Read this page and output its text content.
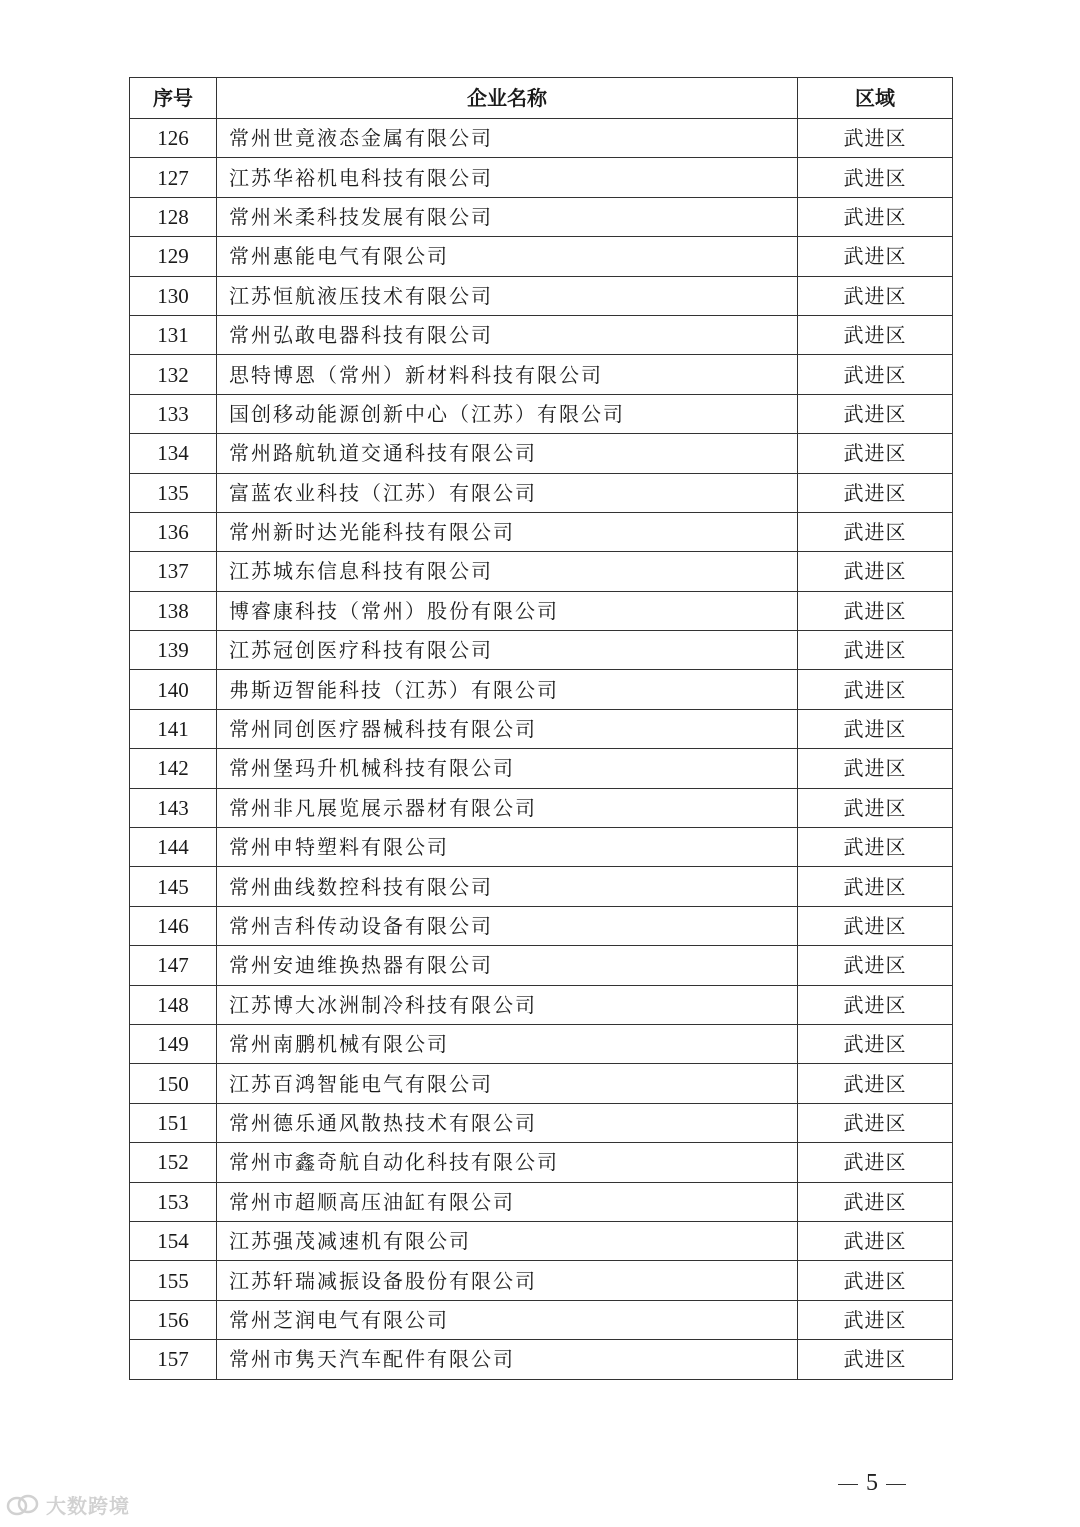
序号	企业名称	区域
126	常州世竟液态金属有限公司	武进区
127	江苏华裕机电科技有限公司	武进区
128	常州米柔科技发展有限公司	武进区
129	常州惠能电气有限公司	武进区
130	江苏恒航液压技术有限公司	武进区
131	常州弘敢电器科技有限公司	武进区
132	思特博恩（常州）新材料科技有限公司	武进区
133	国创移动能源创新中心（江苏）有限公司	武进区
134	常州路航轨道交通科技有限公司	武进区
135	富蓝农业科技（江苏）有限公司	武进区
136	常州新时达光能科技有限公司	武进区
137	江苏城东信息科技有限公司	武进区
138	博睿康科技（常州）股份有限公司	武进区
139	江苏冠创医疗科技有限公司	武进区
140	弗斯迈智能科技（江苏）有限公司	武进区
141	常州同创医疗器械科技有限公司	武进区
142	常州堡玛升机械科技有限公司	武进区
143	常州非凡展览展示器材有限公司	武进区
144	常州申特塑料有限公司	武进区
145	常州曲线数控科技有限公司	武进区
146	常州吉科传动设备有限公司	武进区
147	常州安迪维换热器有限公司	武进区
148	江苏博大冰洲制冷科技有限公司	武进区
149	常州南鹏机械有限公司	武进区
150	江苏百鸿智能电气有限公司	武进区
151	常州德乐通风散热技术有限公司	武进区
152	常州市鑫奇航自动化科技有限公司	武进区
153	常州市超顺高压油缸有限公司	武进区
154	江苏强茂减速机有限公司	武进区
155	江苏轩瑞减振设备股份有限公司	武进区
156	常州芝润电气有限公司	武进区
157	常州市隽天汽车配件有限公司	武进区
5
大数跨境
